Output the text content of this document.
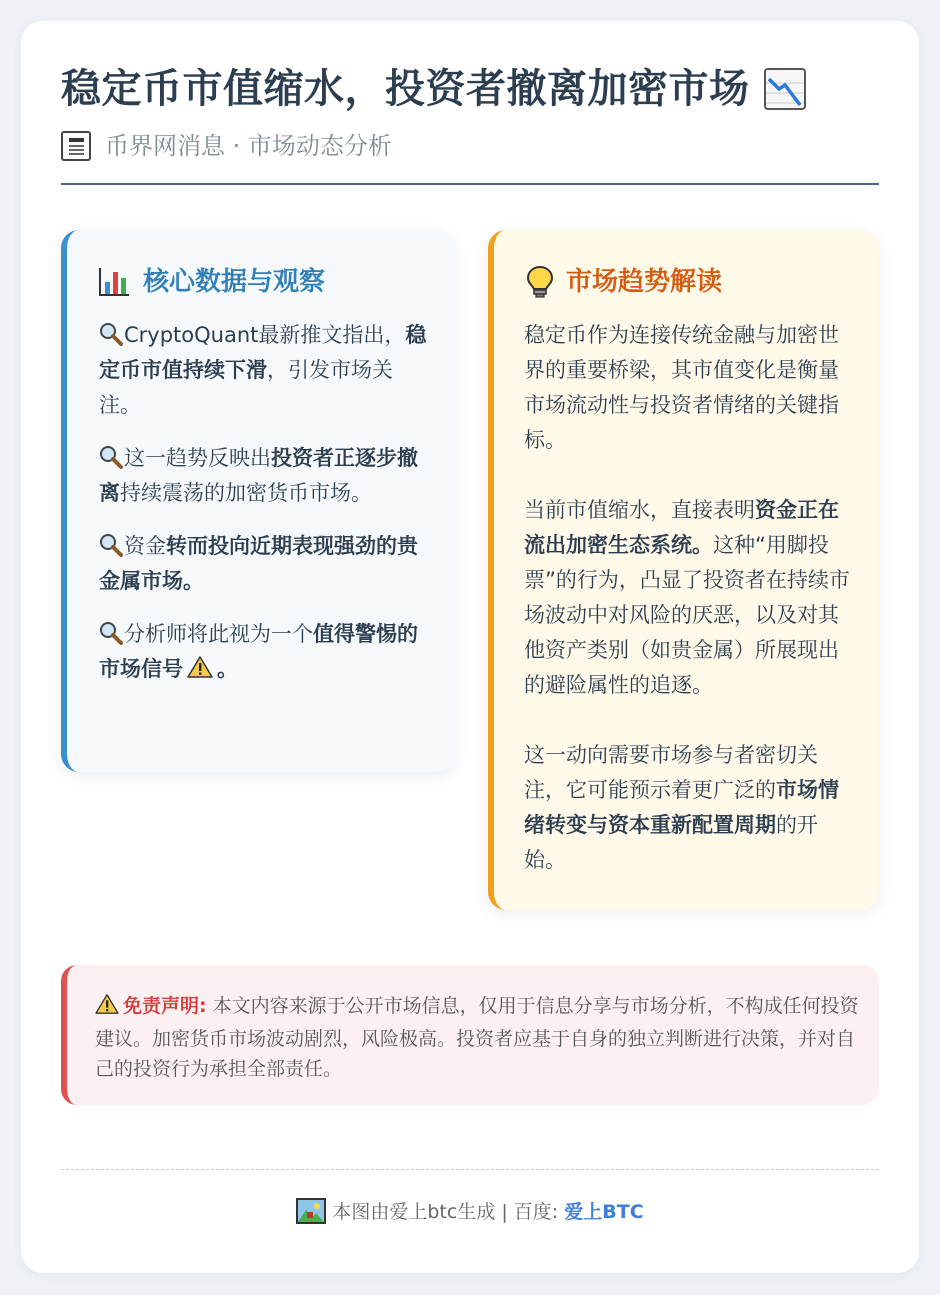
稳定币市值缩水，投资者撤离加密市场
币界网消息 · 市场动态分析
核心数据与观察
CryptoQuant最新推文指出，稳定币市值持续下滑，引发市场关注。
这一趋势反映出投资者正逐步撤离持续震荡的加密货币市场。
资金转而投向近期表现强劲的贵金属市场。
分析师将此视为一个值得警惕的市场信号 。
市场趋势解读

稳定币作为连接传统金融与加密世界的重要桥梁，其市值变化是衡量市场流动性与投资者情绪的关键指标。

当前市值缩水，直接表明资金正在流出加密生态系统。这种“用脚投票”的行为，凸显了投资者在持续市场波动中对风险的厌恶，以及对其他资产类别（如贵金属）所展现出的避险属性的追逐。

这一动向需要市场参与者密切关注，它可能预示着更广泛的市场情绪转变与资本重新配置周期的开始。

免责声明: 本文内容来源于公开市场信息，仅用于信息分享与市场分析，不构成任何投资建议。加密货币市场波动剧烈，风险极高。投资者应基于自身的独立判断进行决策，并对自己的投资行为承担全部责任。
本图由爱上btc生成 | 百度: 爱上BTC
